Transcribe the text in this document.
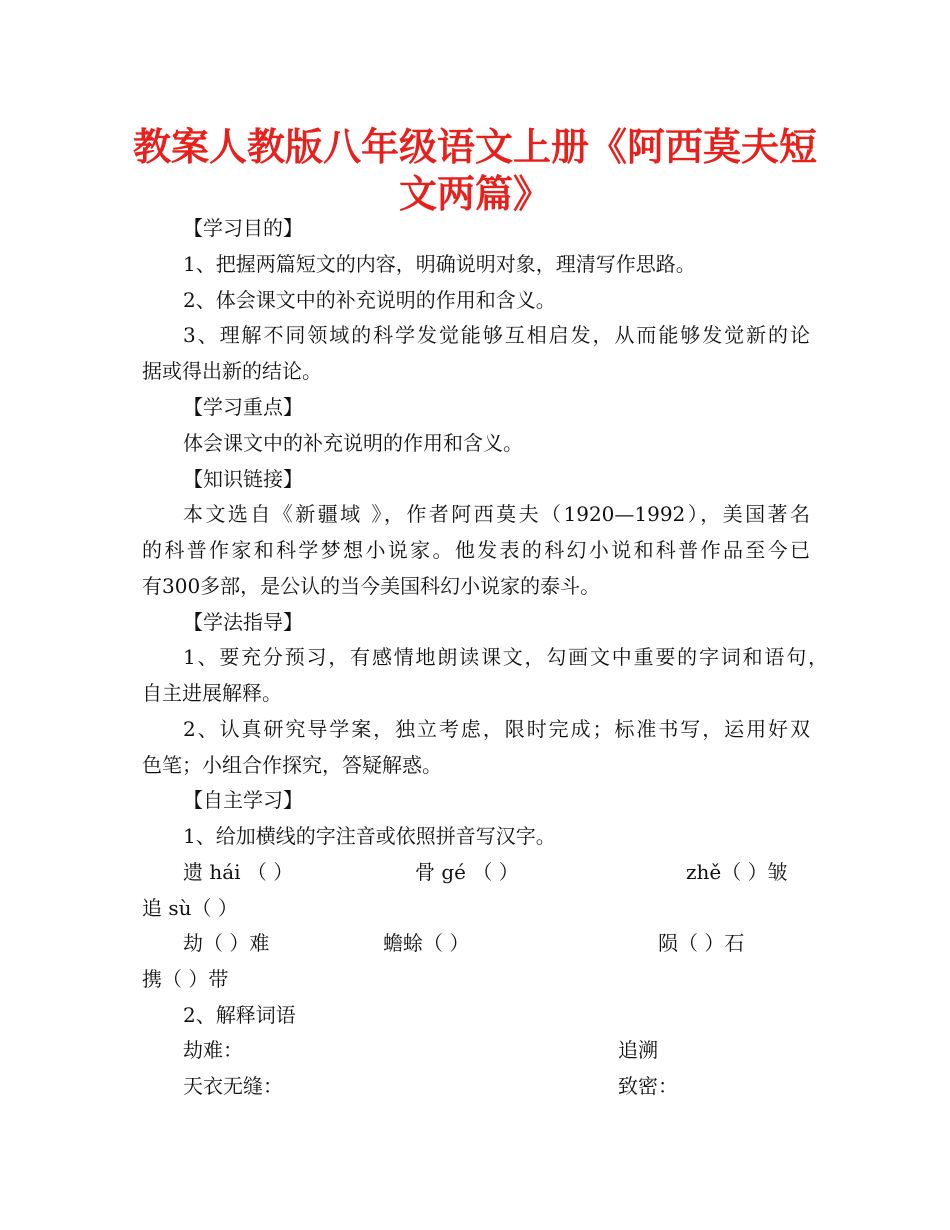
教案人教版八年级语文上册《阿西莫夫短
文两篇》
【学习目的】
1、把握两篇短文的内容，明确说明对象，理清写作思路。
2、体会课文中的补充说明的作用和含义。
3、理解不同领域的科学发觉能够互相启发，从而能够发觉新的论
据或得出新的结论。
【学习重点】
体会课文中的补充说明的作用和含义。
【知识链接】
本文选自《新疆域 》，作者阿西莫夫（1920—1992），美国著名
的科普作家和科学梦想小说家。他发表的科幻小说和科普作品至今已
有300多部，是公认的当今美国科幻小说家的泰斗。
【学法指导】
1、要充分预习，有感情地朗读课文，勾画文中重要的字词和语句，
自主进展解释。
2、认真研究导学案，独立考虑，限时完成；标准书写，运用好双
色笔；小组合作探究，答疑解惑。
【自主学习】
1、给加横线的字注音或依照拼音写汉字。
遗 hái （ ）	骨 gé （ ）	zhě（ ）皱
追 sù（ ）
劫（ ）难	蟾蜍（ ）	陨（ ）石
携（ ）带
2、解释词语
劫难：	追溯
天衣无缝：	致密：
